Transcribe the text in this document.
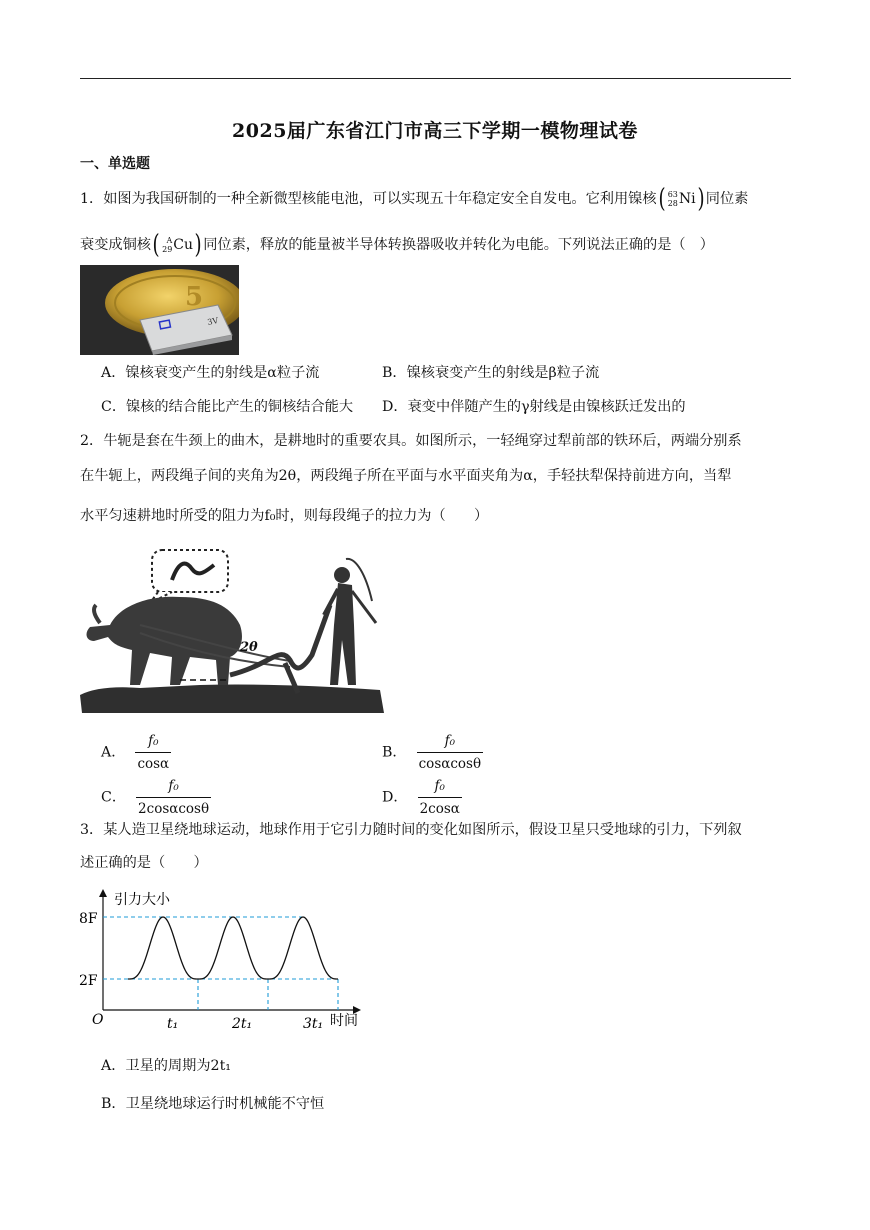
2025届广东省江门市高三下学期一模物理试卷
一、单选题
1．如图为我国研制的一种全新微型核能电池，可以实现五十年稳定安全自发电。它利用镍核 ( 63
28 Ni ) 同位素
衰变成铜核 ( A
29 Cu ) 同位素，释放的能量被半导体转换器吸收并转化为电能。下列说法正确的是（　）
5
3V
A．镍核衰变产生的射线是α粒子流	B．镍核衰变产生的射线是β粒子流
C．镍核的结合能比产生的铜核结合能大 D．衰变中伴随产生的γ射线是由镍核跃迁发出的
2．牛轭是套在牛颈上的曲木，是耕地时的重要农具。如图所示，一轻绳穿过犁前部的铁环后，两端分别系
在牛轭上，两段绳子间的夹角为2θ，两段绳子所在平面与水平面夹角为α，手轻扶犁保持前进方向，当犁
水平匀速耕地时所受的阻力为f₀时，则每段绳子的拉力为（　　）
2θ
A． $\frac{\text{f₀}}{\cos\alpha}$	B． $\frac{\text{f₀}}{\cos\alpha\cos\theta}$
C． $\frac{\text{f₀}}{2\cos\alpha\cos\theta}$	D． $\frac{\text{f₀}}{2\cos\alpha}$
3．某人造卫星绕地球运动，地球作用于它引力随时间的变化如图所示，假设卫星只受地球的引力，下列叙
述正确的是（　　）
引力大小
时间
O
8F
2F
t₁	2t₁	3t₁
A．卫星的周期为2t₁
B．卫星绕地球运行时机械能不守恒
